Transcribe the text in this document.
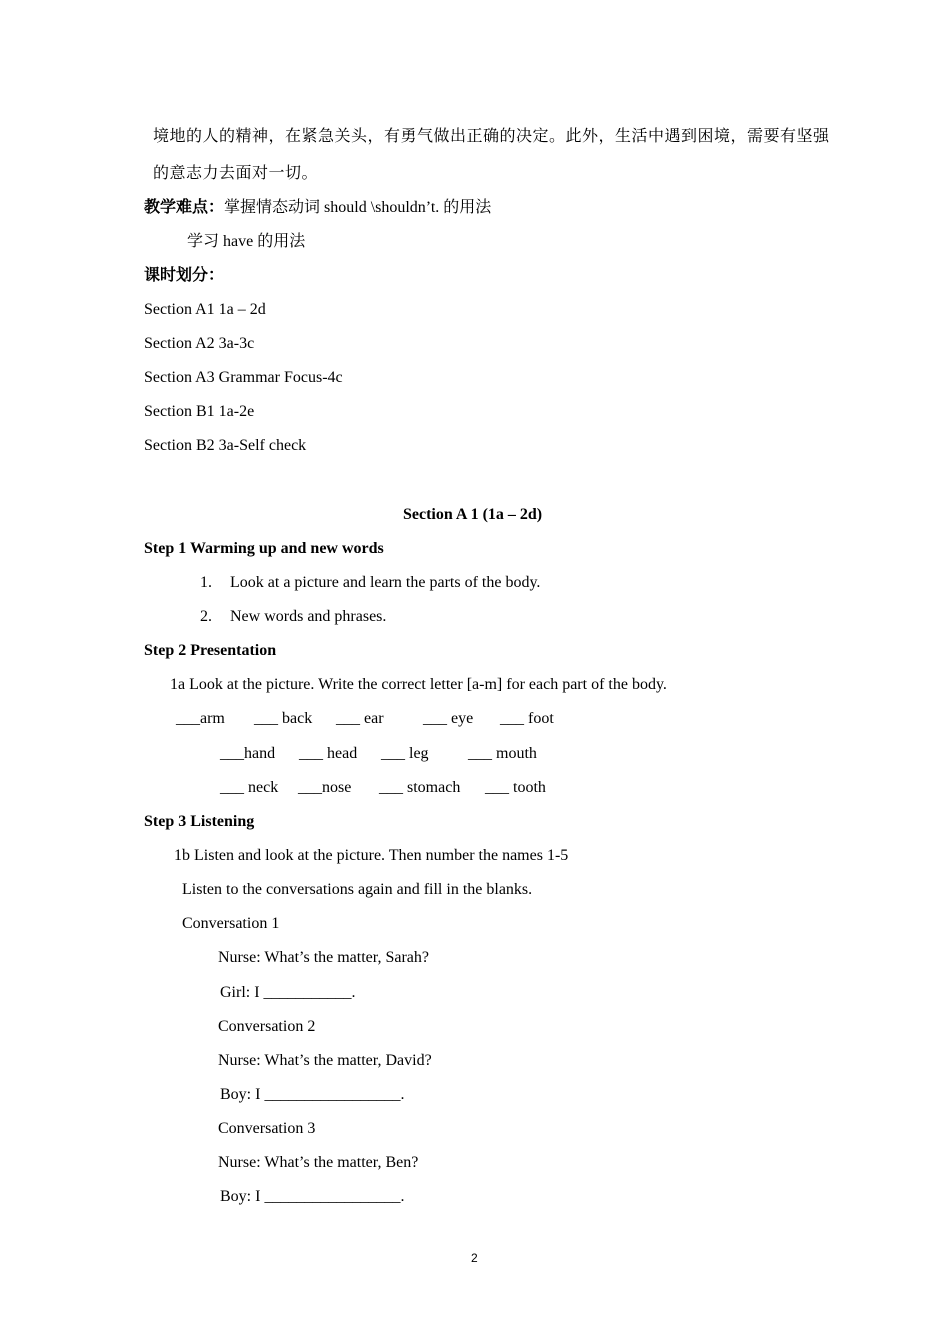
境地的人的精神，在紧急关头，有勇气做出正确的决定。此外，生活中遇到困境，需要有坚强
的意志力去面对一切。
教学难点：掌握情态动词 should \shouldn’t. 的用法
学习 have 的用法
课时划分：
Section A1 1a – 2d
Section A2 3a-3c
Section A3 Grammar Focus-4c
Section B1 1a-2e
Section B2 3a-Self check
Section A 1 (1a – 2d)
Step 1 Warming up and new words
1. Look at a picture and learn the parts of the body.
2. New words and phrases.
Step 2 Presentation
1a Look at the picture. Write the correct letter [a-m] for each part of the body.
___arm ___ back ___ ear ___ eye ___ foot
___hand ___ head ___ leg ___ mouth
___ neck ___nose ___ stomach ___ tooth
Step 3 Listening
1b Listen and look at the picture. Then number the names 1-5
Listen to the conversations again and fill in the blanks.
Conversation 1
Nurse: What’s the matter, Sarah?
Girl: I ___________.
Conversation 2
Nurse: What’s the matter, David?
Boy: I _________________.
Conversation 3
Nurse: What’s the matter, Ben?
Boy: I _________________.
2
